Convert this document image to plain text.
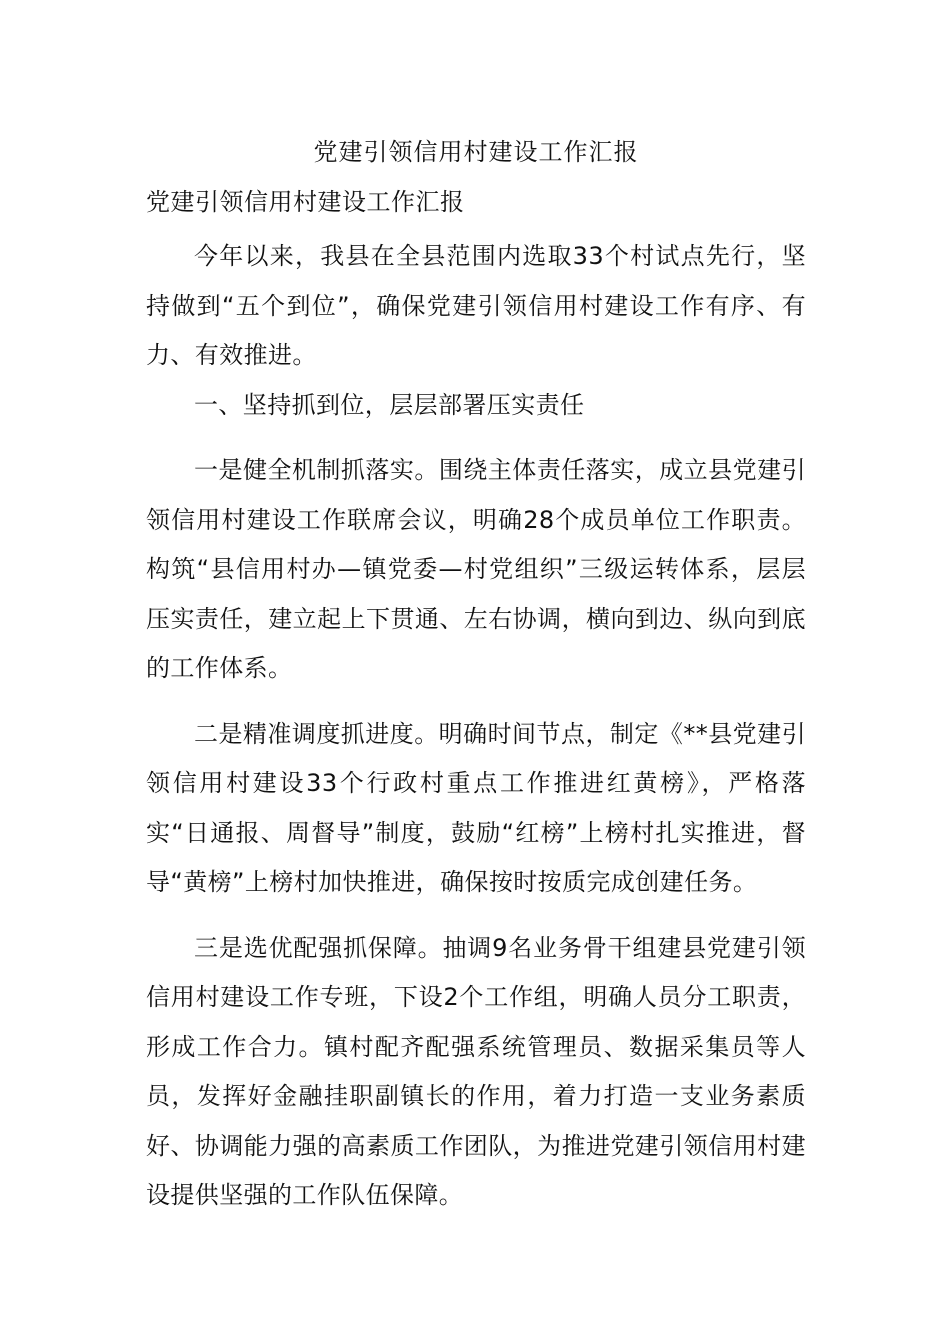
党建引领信用村建设工作汇报

党建引领信用村建设工作汇报

今年以来，我县在全县范围内选取33个村试点先行，坚持做到“五个到位”，确保党建引领信用村建设工作有序、有力、有效推进。

一、坚持抓到位，层层部署压实责任

一是健全机制抓落实。围绕主体责任落实，成立县党建引领信用村建设工作联席会议，明确28个成员单位工作职责。构筑“县信用村办—镇党委—村党组织”三级运转体系，层层压实责任，建立起上下贯通、左右协调，横向到边、纵向到底的工作体系。

二是精准调度抓进度。明确时间节点，制定《**县党建引领信用村建设33个行政村重点工作推进红黄榜》，严格落实“日通报、周督导”制度，鼓励“红榜”上榜村扎实推进，督导“黄榜”上榜村加快推进，确保按时按质完成创建任务。

三是选优配强抓保障。抽调9名业务骨干组建县党建引领信用村建设工作专班，下设2个工作组，明确人员分工职责，形成工作合力。镇村配齐配强系统管理员、数据采集员等人员，发挥好金融挂职副镇长的作用，着力打造一支业务素质好、协调能力强的高素质工作团队，为推进党建引领信用村建设提供坚强的工作队伍保障。
